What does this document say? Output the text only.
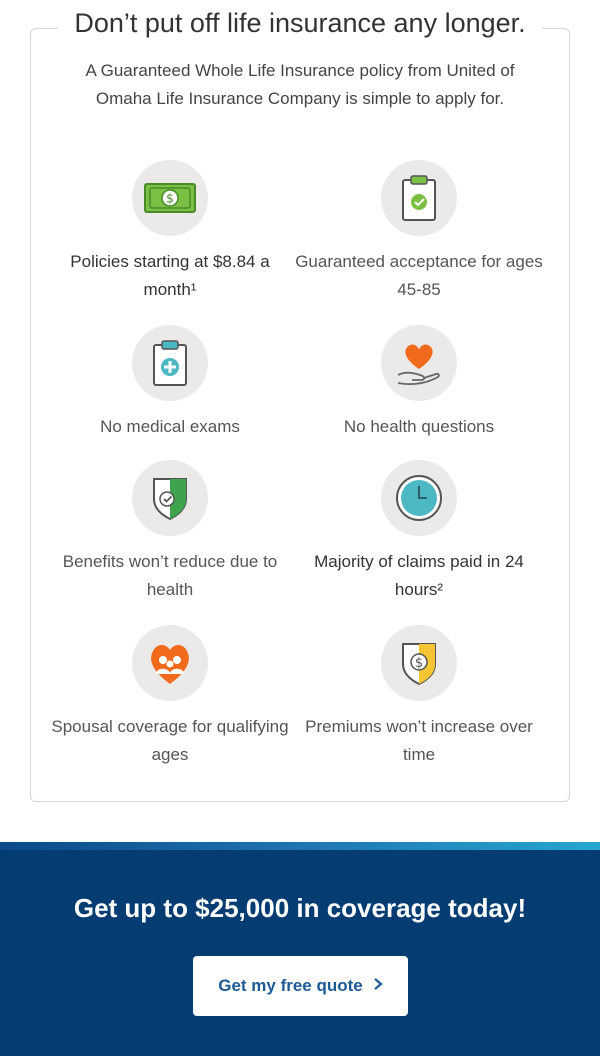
Don’t put off life insurance any longer.

A Guaranteed Whole Life Insurance policy from United of Omaha Life Insurance Company is simple to apply for.

$
Policies starting at $8.84 a month¹
Guaranteed acceptance for ages 45-85
No medical exams	No health questions
Benefits won’t reduce due to health
Majority of claims paid in 24 hours²
Spousal coverage for qualifying ages
$
Premiums won’t increase over time
Get up to $25,000 in coverage today!
Get my free quote
